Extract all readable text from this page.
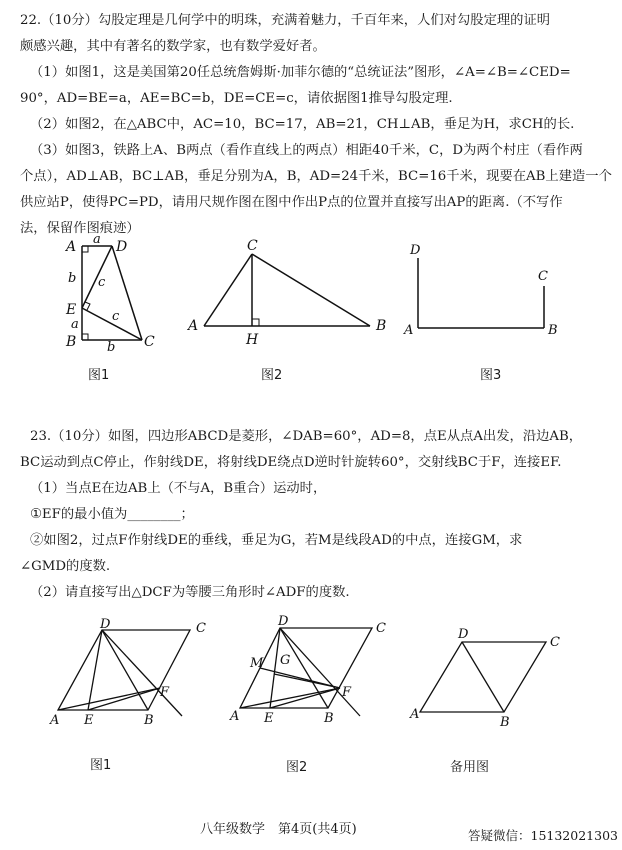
22.（10分）勾股定理是几何学中的明珠，充满着魅力，千百年来，人们对勾股定理的证明
颇感兴趣，其中有著名的数学家，也有数学爱好者。
（1）如图1，这是美国第20任总统詹姆斯·加菲尔德的“总统证法”图形，∠A=∠B=∠CED=
90°，AD=BE=a，AE=BC=b，DE=CE=c，请依据图1推导勾股定理.
（2）如图2，在△ABC中，AC=10，BC=17，AB=21，CH⊥AB，垂足为H，求CH的长.
（3）如图3，铁路上A、B两点（看作直线上的两点）相距40千米，C，D为两个村庄（看作两
个点），AD⊥AB，BC⊥AB，垂足分别为A，B，AD=24千米，BC=16千米，现要在AB上建造一个
供应站P，使得PC=PD，请用尺规作图在图中作出P点的位置并直接写出AP的距离.（不写作
法，保留作图痕迹）
A a D
b c
E
a
c
B b C
图1
A
C
H
B
图2
D
C
A	B
图3
23.（10分）如图，四边形ABCD是菱形，∠DAB=60°，AD=8，点E从点A出发，沿边AB，
BC运动到点C停止，作射线DE，将射线DE绕点D逆时针旋转60°，交射线BC于F，连接EF.
（1）当点E在边AB上（不与A，B重合）运动时，
①EF的最小值为________；
②如图2，过点F作射线DE的垂线，垂足为G，若M是线段AD的中点，连接GM，求
∠GMD的度数.
（2）请直接写出△DCF为等腰三角形时∠ADF的度数.
D	C
F
A E	B
图1
D	C
M G
F
A E	B
图2
D
C
A
B
备用图
八年级数学　第4页(共4页)	答疑微信：15132021303
